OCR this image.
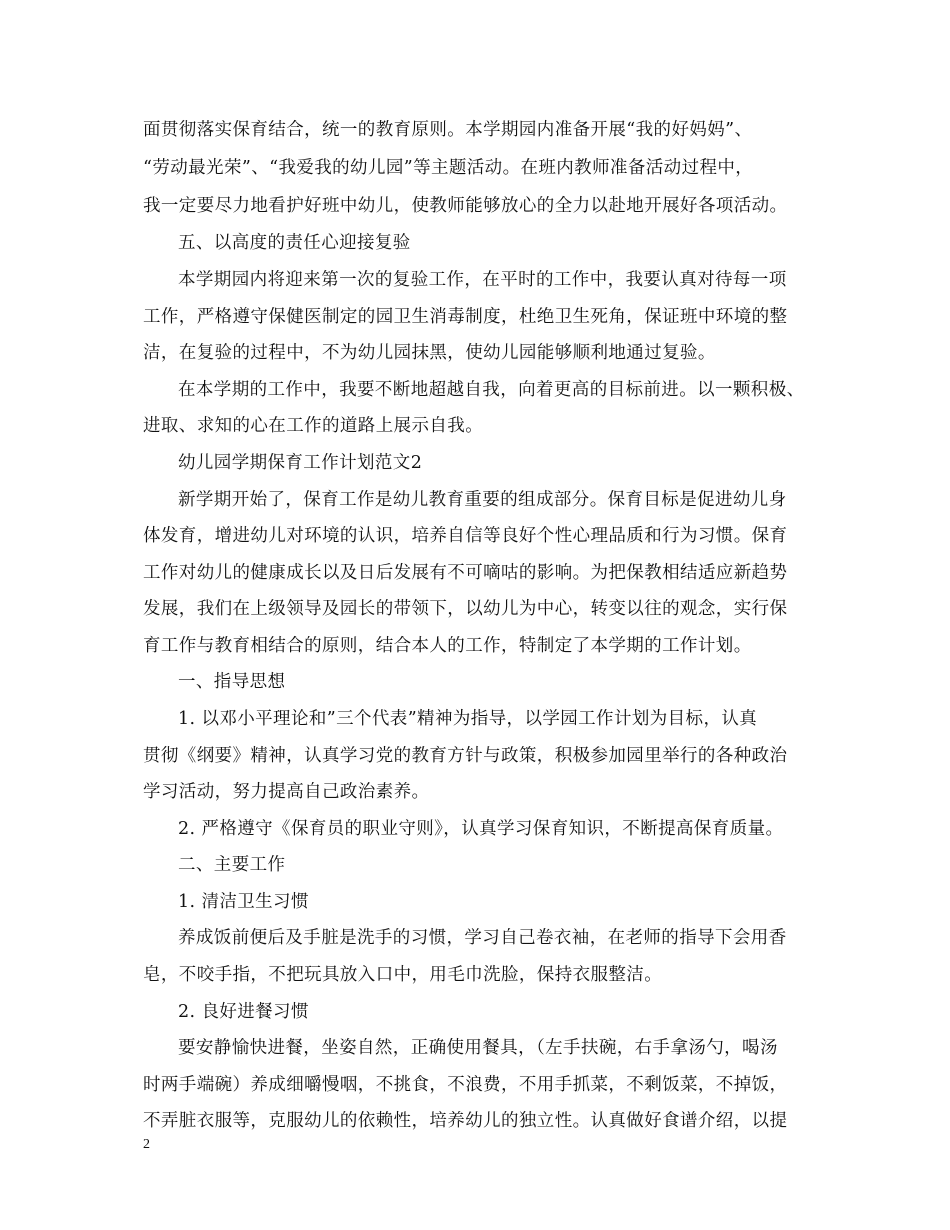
面贯彻落实保育结合，统一的教育原则。本学期园内准备开展“我的好妈妈”、
“劳动最光荣”、“我爱我的幼儿园”等主题活动。在班内教师准备活动过程中，
我一定要尽力地看护好班中幼儿，使教师能够放心的全力以赴地开展好各项活动。
五、以高度的责任心迎接复验
本学期园内将迎来第一次的复验工作，在平时的工作中，我要认真对待每一项
工作，严格遵守保健医制定的园卫生消毒制度，杜绝卫生死角，保证班中环境的整
洁，在复验的过程中，不为幼儿园抹黑，使幼儿园能够顺利地通过复验。
在本学期的工作中，我要不断地超越自我，向着更高的目标前进。以一颗积极、
进取、求知的心在工作的道路上展示自我。
幼儿园学期保育工作计划范文2
新学期开始了，保育工作是幼儿教育重要的组成部分。保育目标是促进幼儿身
体发育，增进幼儿对环境的认识，培养自信等良好个性心理品质和行为习惯。保育
工作对幼儿的健康成长以及日后发展有不可嘀咕的影响。为把保教相结适应新趋势
发展，我们在上级领导及园长的带领下，以幼儿为中心，转变以往的观念，实行保
育工作与教育相结合的原则，结合本人的工作，特制定了本学期的工作计划。
一、指导思想
1. 以邓小平理论和”三个代表”精神为指导，以学园工作计划为目标，认真
贯彻《纲要》精神，认真学习党的教育方针与政策，积极参加园里举行的各种政治
学习活动，努力提高自己政治素养。
2. 严格遵守《保育员的职业守则》，认真学习保育知识，不断提高保育质量。
二、主要工作
1. 清洁卫生习惯
养成饭前便后及手脏是洗手的习惯，学习自己卷衣袖，在老师的指导下会用香
皂，不咬手指，不把玩具放入口中，用毛巾洗脸，保持衣服整洁。
2. 良好进餐习惯
要安静愉快进餐，坐姿自然，正确使用餐具，（左手扶碗，右手拿汤勺，喝汤
时两手端碗）养成细嚼慢咽，不挑食，不浪费，不用手抓菜，不剩饭菜，不掉饭，
不弄脏衣服等，克服幼儿的依赖性，培养幼儿的独立性。认真做好食谱介绍，以提
2
